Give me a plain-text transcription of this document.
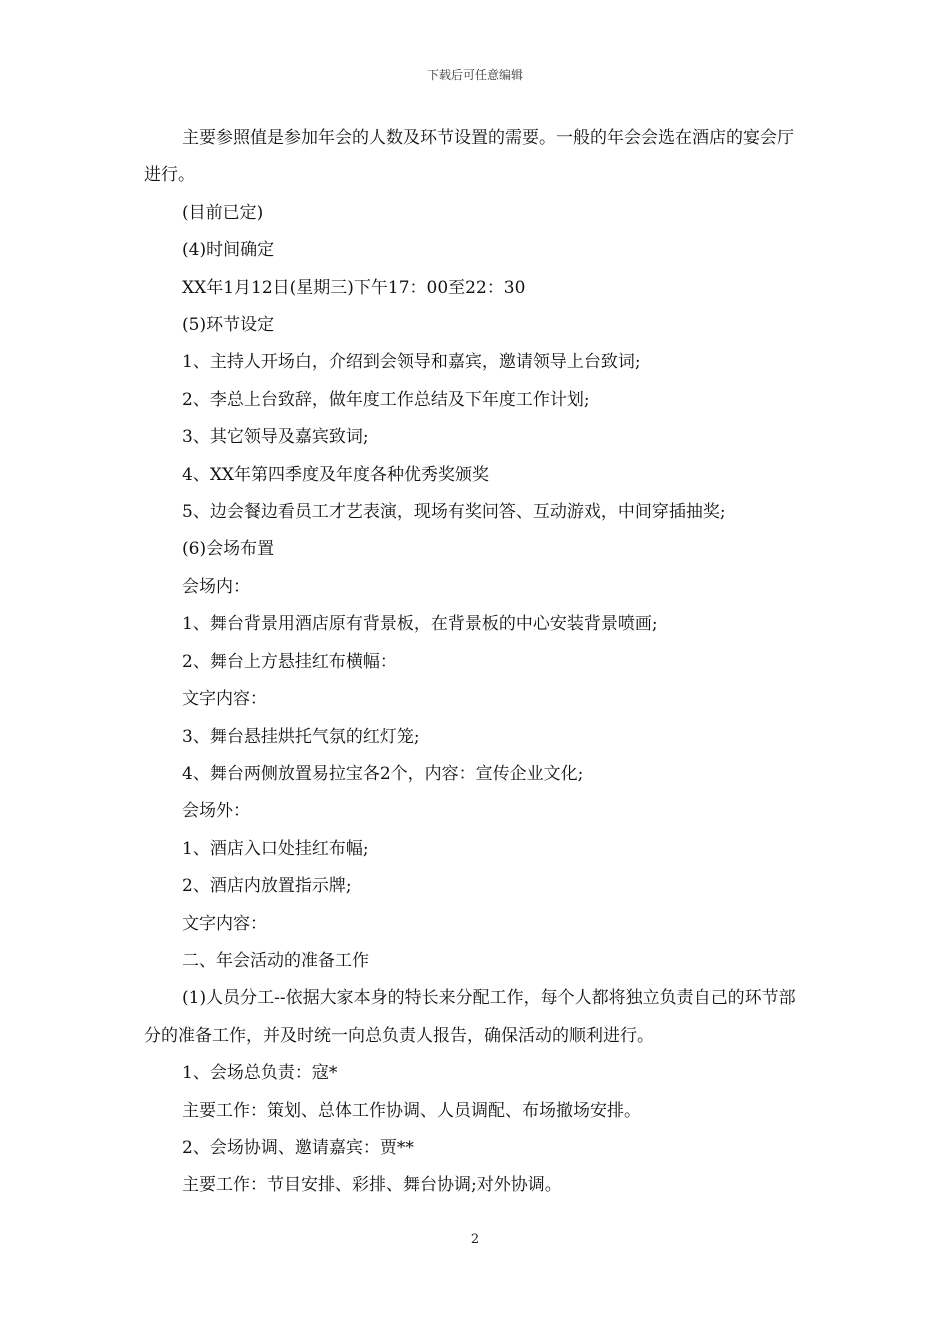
下载后可任意编辑

主要参照值是参加年会的人数及环节设置的需要。一般的年会会选在酒店的宴会厅进行。

(目前已定)

(4)时间确定

XX年1月12日(星期三)下午17：00至22：30

(5)环节设定

1、主持人开场白，介绍到会领导和嘉宾，邀请领导上台致词;

2、李总上台致辞，做年度工作总结及下年度工作计划;

3、其它领导及嘉宾致词;

4、XX年第四季度及年度各种优秀奖颁奖

5、边会餐边看员工才艺表演，现场有奖问答、互动游戏，中间穿插抽奖;

(6)会场布置

会场内：

1、舞台背景用酒店原有背景板，在背景板的中心安装背景喷画;

2、舞台上方悬挂红布横幅：

文字内容：

3、舞台悬挂烘托气氛的红灯笼;

4、舞台两侧放置易拉宝各2个，内容：宣传企业文化;

会场外：

1、酒店入口处挂红布幅;

2、酒店内放置指示牌;

文字内容：

二、年会活动的准备工作

(1)人员分工--依据大家本身的特长来分配工作，每个人都将独立负责自己的环节部分的准备工作，并及时统一向总负责人报告，确保活动的顺利进行。

1、会场总负责：寇*

主要工作：策划、总体工作协调、人员调配、布场撤场安排。

2、会场协调、邀请嘉宾：贾**

主要工作：节目安排、彩排、舞台协调;对外协调。

2
